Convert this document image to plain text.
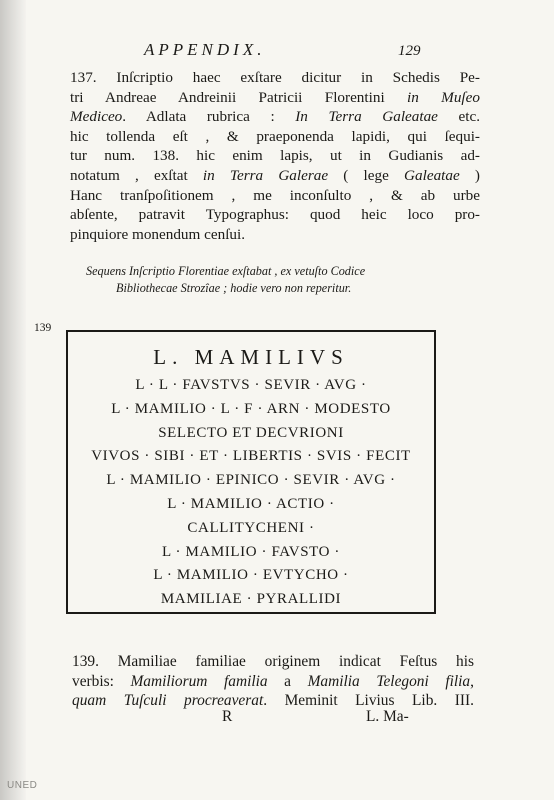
APPENDIX.	129
137. Inſcriptio haec exſtare dicitur in Schedis Pe-
tri Andreae Andreinii Patricii Florentini in Muſeo
Mediceo. Adlata rubrica : In Terra Galeatae etc.
hic tollenda eſt , & praeponenda lapidi, qui ſequi-
tur num. 138. hic enim lapis, ut in Gudianis ad-
notatum , exſtat in Terra Galerae ( lege Galeatae )
Hanc tranſpoſitionem , me inconſulto , & ab urbe
abſente, patravit Typographus: quod heic loco pro-
pinquiore monendum cenſui.
Sequens Inſcriptio Florentiae exſtabat , ex vetuſto Codice
Bibliothecae Strozîae ; hodie vero non reperitur.
139
L. MAMILIVS
L · L · FAVSTVS · SEVIR · AVG ·
L · MAMILIO · L · F · ARN · MODESTO
SELECTO ET DECVRIONI
VIVOS · SIBI · ET · LIBERTIS · SVIS · FECIT
L · MAMILIO · EPINICO · SEVIR · AVG ·
L · MAMILIO · ACTIO ·
CALLITYCHENI ·
L · MAMILIO · FAVSTO ·
L · MAMILIO · EVTYCHO ·
MAMILIAE · PYRALLIDI
139. Mamiliae familiae originem indicat Feſtus his
verbis: Mamiliorum familia a Mamilia Telegoni filia,
quam Tuſculi procreaverat. Meminit Livius Lib. III.
R	L. Ma-
UNED
